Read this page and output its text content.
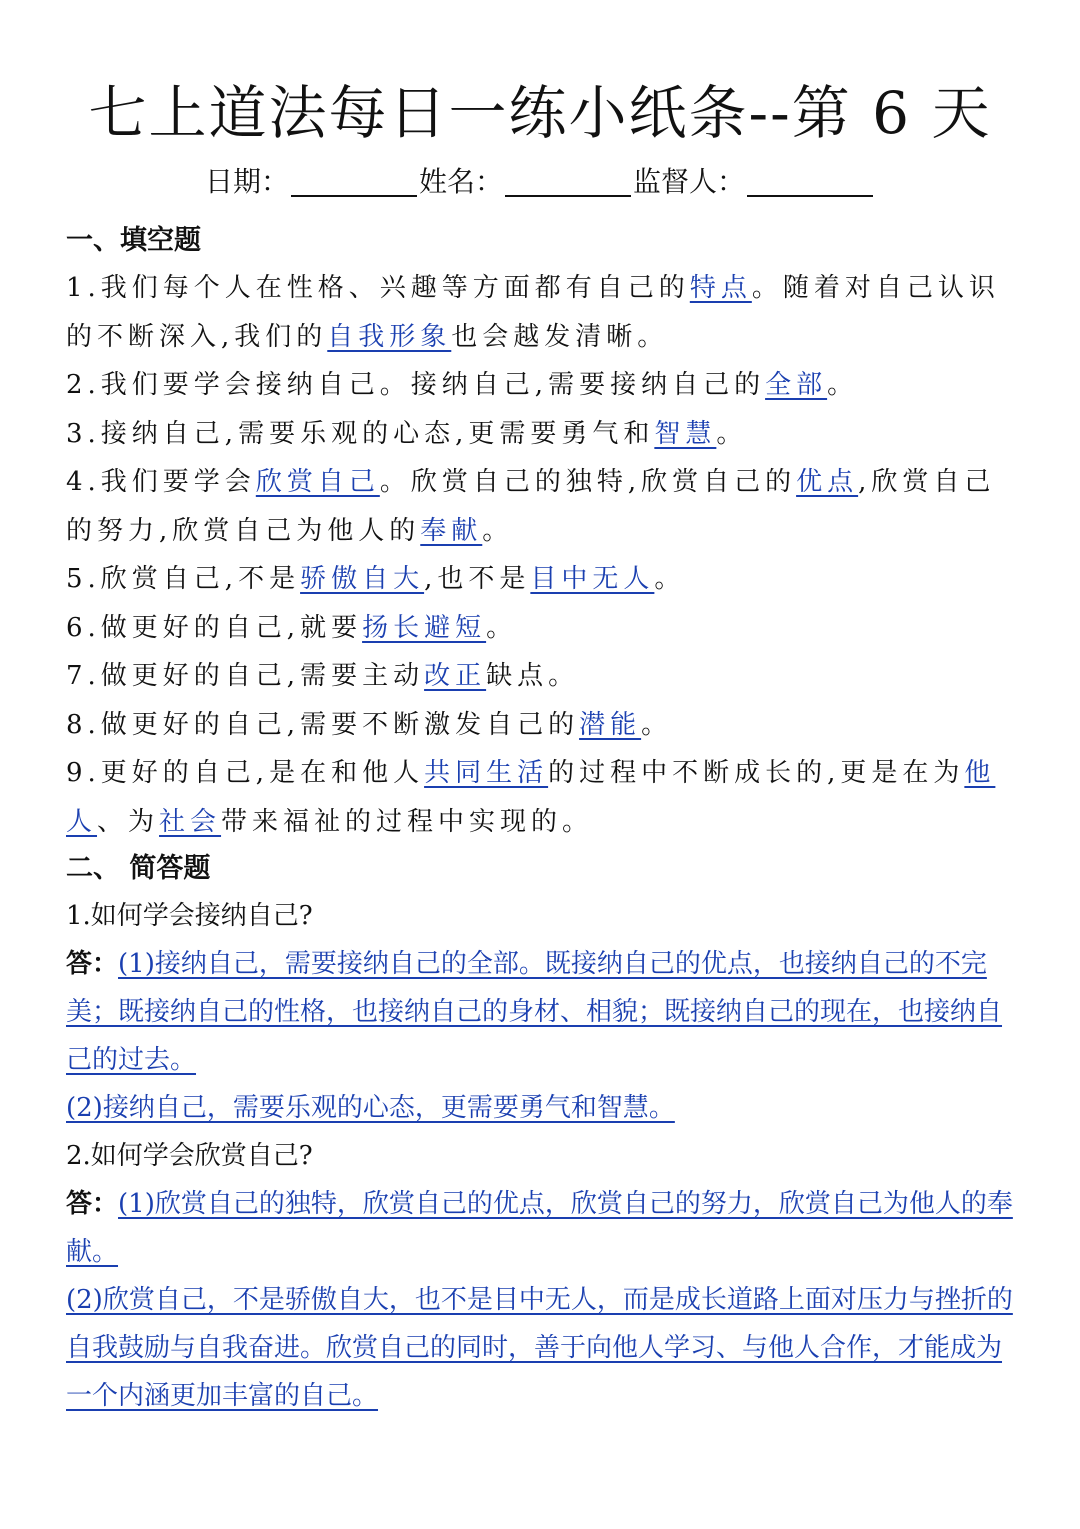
七上道法每日一练小纸条--第 6 天
日期：	姓名：	监督人：
一、填空题
1.我们每个人在性格、兴趣等方面都有自己的特点。随着对自己认识的不断深入,我们的自我形象也会越发清晰。
2.我们要学会接纳自己。接纳自己,需要接纳自己的全部。
3.接纳自己,需要乐观的心态,更需要勇气和智慧。
4.我们要学会欣赏自己。欣赏自己的独特,欣赏自己的优点,欣赏自己的努力,欣赏自己为他人的奉献。
5.欣赏自己,不是骄傲自大,也不是目中无人。
6.做更好的自己,就要扬长避短。
7.做更好的自己,需要主动改正缺点。
8.做更好的自己,需要不断激发自己的潜能。
9.更好的自己,是在和他人共同生活的过程中不断成长的,更是在为他人、为社会带来福祉的过程中实现的。
二、 简答题
1.如何学会接纳自己?
答：(1)接纳自己，需要接纳自己的全部。既接纳自己的优点，也接纳自己的不完美；既接纳自己的性格，也接纳自己的身材、相貌；既接纳自己的现在，也接纳自己的过去。
(2)接纳自己，需要乐观的心态，更需要勇气和智慧。
2.如何学会欣赏自己?
答：(1)欣赏自己的独特，欣赏自己的优点，欣赏自己的努力，欣赏自己为他人的奉献。
(2)欣赏自己，不是骄傲自大，也不是目中无人，而是成长道路上面对压力与挫折的自我鼓励与自我奋进。欣赏自己的同时，善于向他人学习、与他人合作，才能成为一个内涵更加丰富的自己。
